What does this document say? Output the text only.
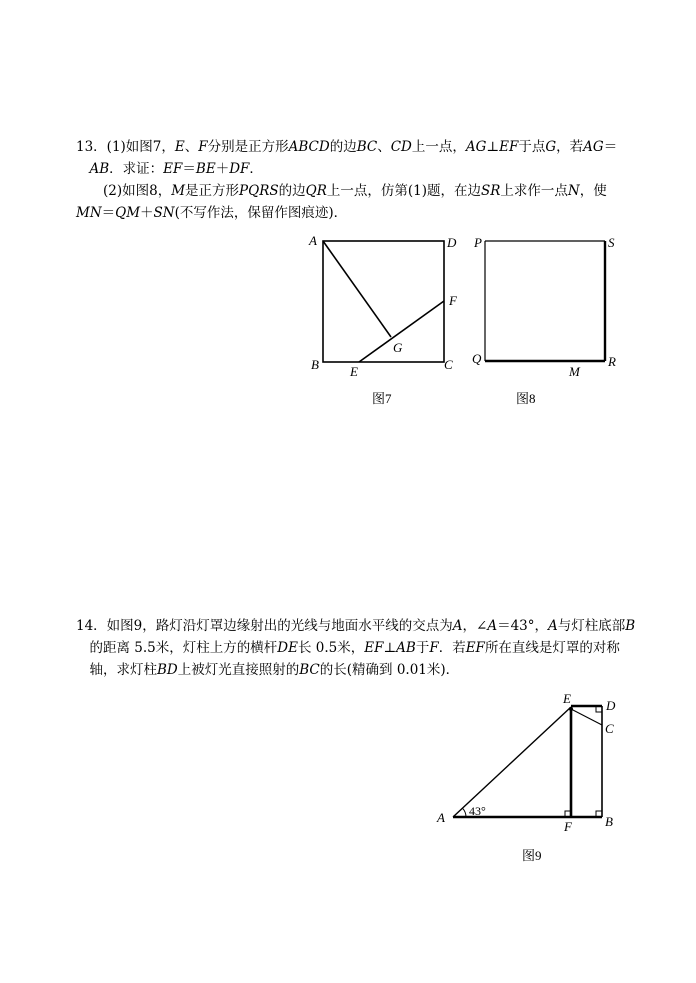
13．(1)如图7，E、F分别是正方形ABCD的边BC、CD上一点，AG⊥EF于点G，若AG＝AB．求证：EF＝BE＋DF．
(2)如图8，M是正方形PQRS的边QR上一点，仿第(1)题，在边SR上求作一点N，使MN＝QM＋SN(不写作法，保留作图痕迹)．
A	D
F
G
B E	C
图7
P	S
Q	R
M
图8
E	D
C
A
F	B
43°
图9
14．如图9，路灯沿灯罩边缘射出的光线与地面水平线的交点为A，∠A＝43°，A与灯柱底部B的距离 5.5米，灯柱上方的横杆DE长 0.5米，EF⊥AB于F．若EF所在直线是灯罩的对称轴，求灯柱BD上被灯光直接照射的BC的长(精确到 0.01米)．
